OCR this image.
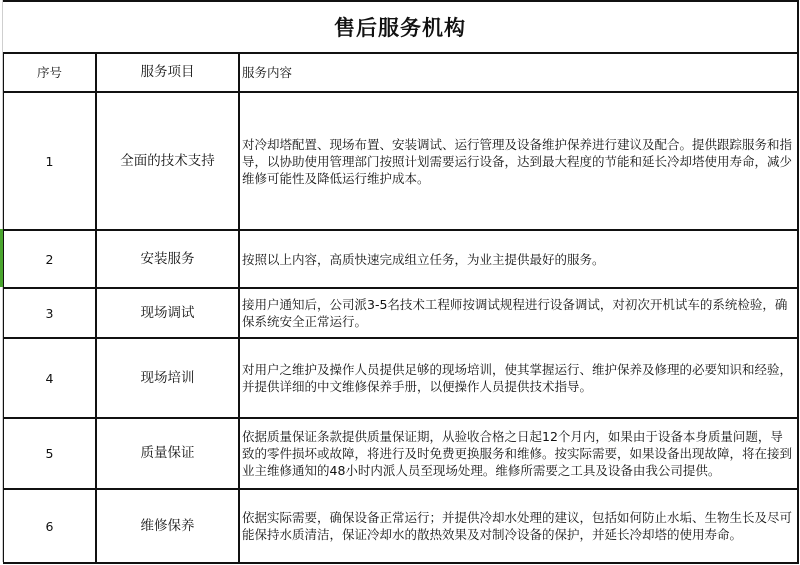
售后服务机构
序号	服务项目	服务内容
1	全面的技术支持	对冷却塔配置、现场布置、安装调试、运行管理及设备维护保养进行建议及配合。提供跟踪服务和指导，以协助使用管理部门按照计划需要运行设备，达到最大程度的节能和延长冷却塔使用寿命，减少维修可能性及降低运行维护成本。
2	安装服务	按照以上内容，高质快速完成组立任务，为业主提供最好的服务。
3	现场调试	接用户通知后，公司派3-5名技术工程师按调试规程进行设备调试，对初次开机试车的系统检验，确保系统安全正常运行。
4	现场培训	对用户之维护及操作人员提供足够的现场培训，使其掌握运行、维护保养及修理的必要知识和经验，并提供详细的中文维修保养手册，以便操作人员提供技术指导。
5	质量保证	依据质量保证条款提供质量保证期，从验收合格之日起12个月内，如果由于设备本身质量问题，导致的零件损坏或故障，将进行及时免费更换服务和维修。按实际需要，如果设备出现故障，将在接到业主维修通知的48小时内派人员至现场处理。维修所需要之工具及设备由我公司提供。
6	维修保养	依据实际需要，确保设备正常运行；并提供冷却水处理的建议，包括如何防止水垢、生物生长及尽可能保持水质清洁，保证冷却水的散热效果及对制冷设备的保护，并延长冷却塔的使用寿命。
